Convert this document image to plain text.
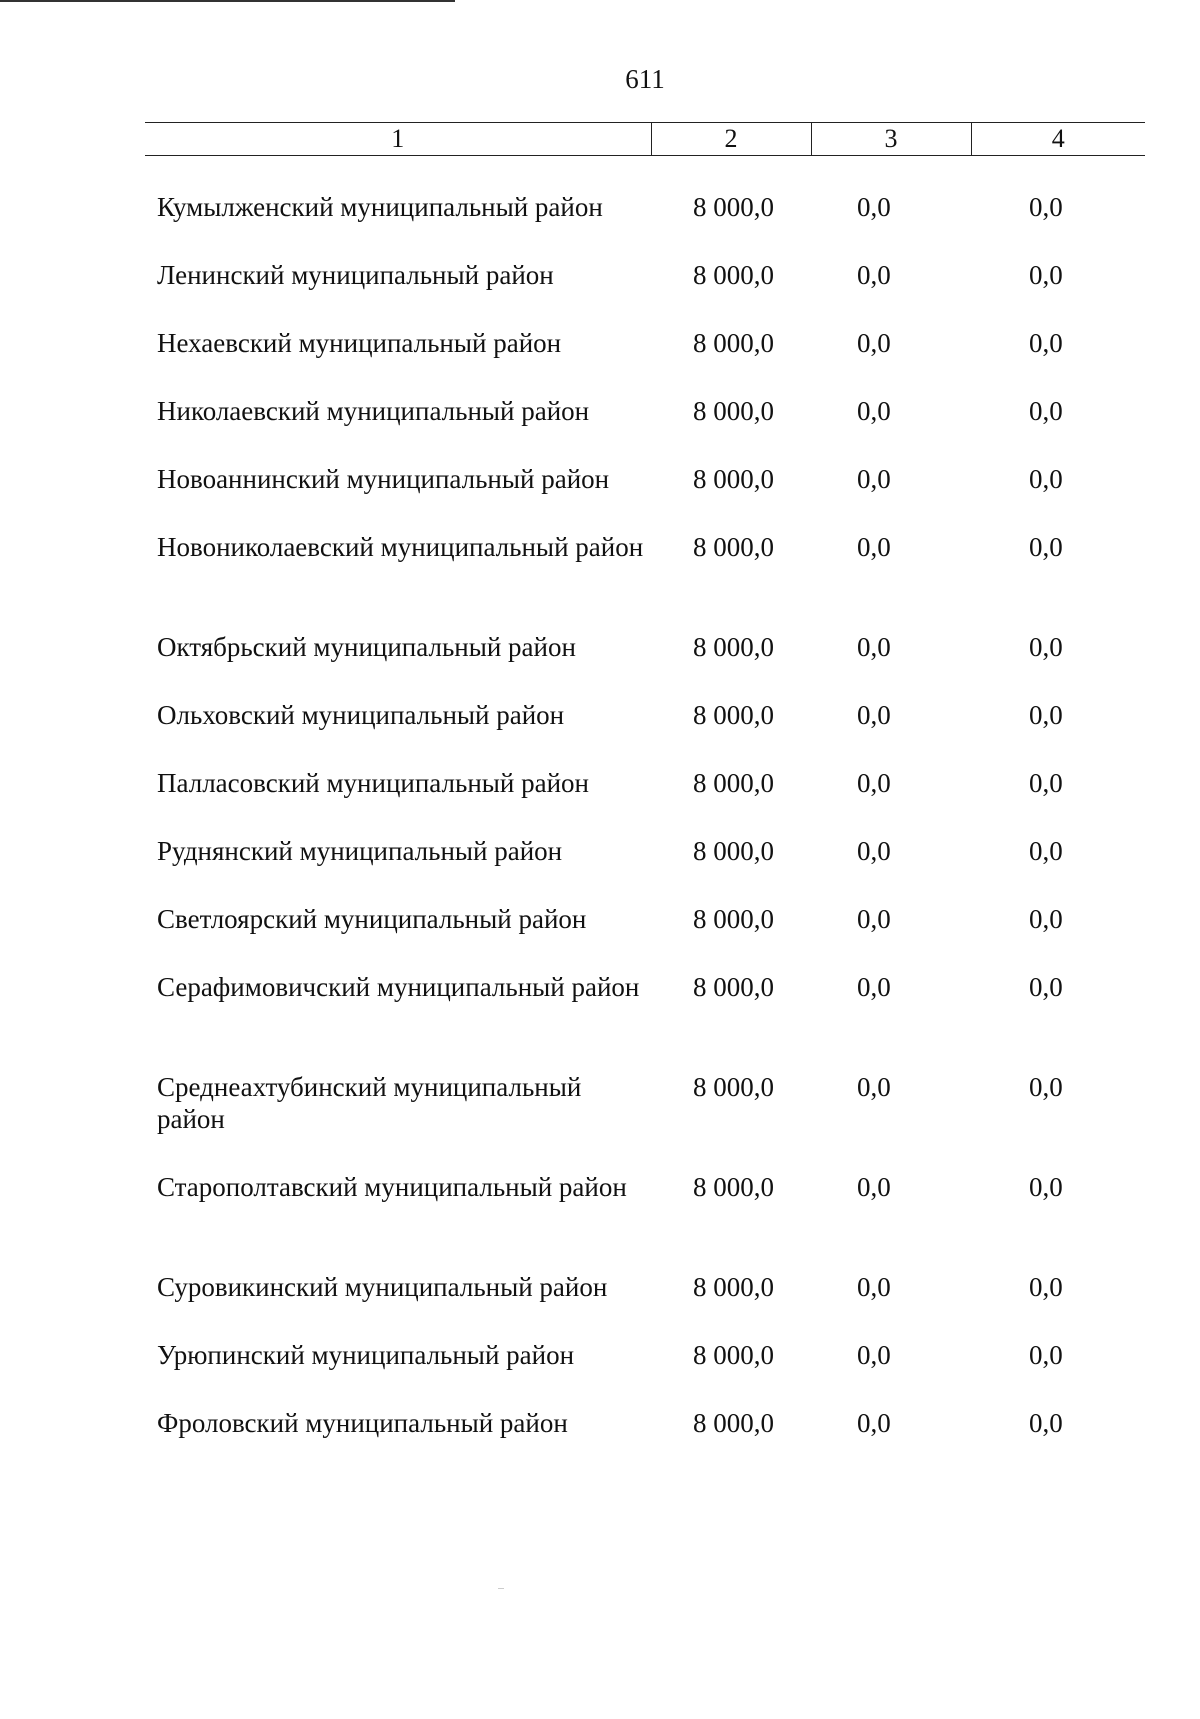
611
1	2	3	4
Кумылженский муниципальный район	8 000,0	0,0	0,0
Ленинский муниципальный район	8 000,0	0,0	0,0
Нехаевский муниципальный район	8 000,0	0,0	0,0
Николаевский муниципальный район	8 000,0	0,0	0,0
Новоаннинский муниципальный район	8 000,0	0,0	0,0
Новониколаевский муниципальный район	8 000,0	0,0	0,0
Октябрьский муниципальный район	8 000,0	0,0	0,0
Ольховский муниципальный район	8 000,0	0,0	0,0
Палласовский муниципальный район	8 000,0	0,0	0,0
Руднянский муниципальный район	8 000,0	0,0	0,0
Светлоярский муниципальный район	8 000,0	0,0	0,0
Серафимовичский муниципальный район	8 000,0	0,0	0,0
Среднеахтубинский муниципальный район	8 000,0	0,0	0,0
Старополтавский муниципальный район	8 000,0	0,0	0,0
Суровикинский муниципальный район	8 000,0	0,0	0,0
Урюпинский муниципальный район	8 000,0	0,0	0,0
Фроловский муниципальный район	8 000,0	0,0	0,0
